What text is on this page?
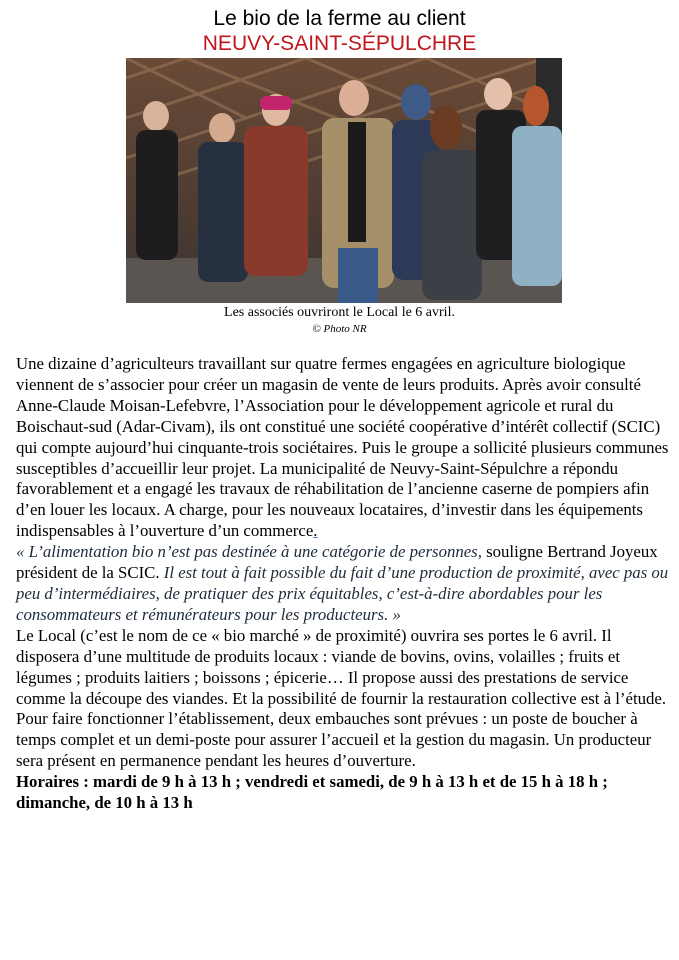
Le bio de la ferme au client
NEUVY-SAINT-SÉPULCHRE
Les associés ouvriront le Local le 6 avril.
© Photo NR

Une dizaine d’agriculteurs travaillant sur quatre fermes engagées en agriculture biologique viennent de s’associer pour créer un magasin de vente de leurs produits. Après avoir consulté Anne-Claude Moisan-Lefebvre, l’Association pour le développement agricole et rural du Boischaut-sud (Adar-Civam), ils ont constitué une société coopérative d’intérêt collectif (SCIC) qui compte aujourd’hui cinquante-trois sociétaires. Puis le groupe a sollicité plusieurs communes susceptibles d’accueillir leur projet. La municipalité de Neuvy-Saint-Sépulchre a répondu favorablement et a engagé les travaux de réhabilitation de l’ancienne caserne de pompiers afin d’en louer les locaux. A charge, pour les nouveaux locataires, d’investir dans les équipements indispensables à l’ouverture d’un commerce.

« L’alimentation bio n’est pas destinée à une catégorie de personnes, souligne Bertrand Joyeux président de la SCIC. Il est tout à fait possible du fait d’une production de proximité, avec pas ou peu d’intermédiaires, de pratiquer des prix équitables, c’est-à-dire abordables pour les consommateurs et rémunérateurs pour les producteurs. »

Le Local (c’est le nom de ce « bio marché » de proximité) ouvrira ses portes le 6 avril. Il disposera d’une multitude de produits locaux : viande de bovins, ovins, volailles ; fruits et légumes ; produits laitiers ; boissons ; épicerie… Il propose aussi des prestations de service comme la découpe des viandes. Et la possibilité de fournir la restauration collective est à l’étude. Pour faire fonctionner l’établissement, deux embauches sont prévues : un poste de boucher à temps complet et un demi-poste pour assurer l’accueil et la gestion du magasin. Un producteur sera présent en permanence pendant les heures d’ouverture.

Horaires : mardi de 9 h à 13 h ; vendredi et samedi, de 9 h à 13 h et de 15 h à 18 h ; dimanche, de 10 h à 13 h
